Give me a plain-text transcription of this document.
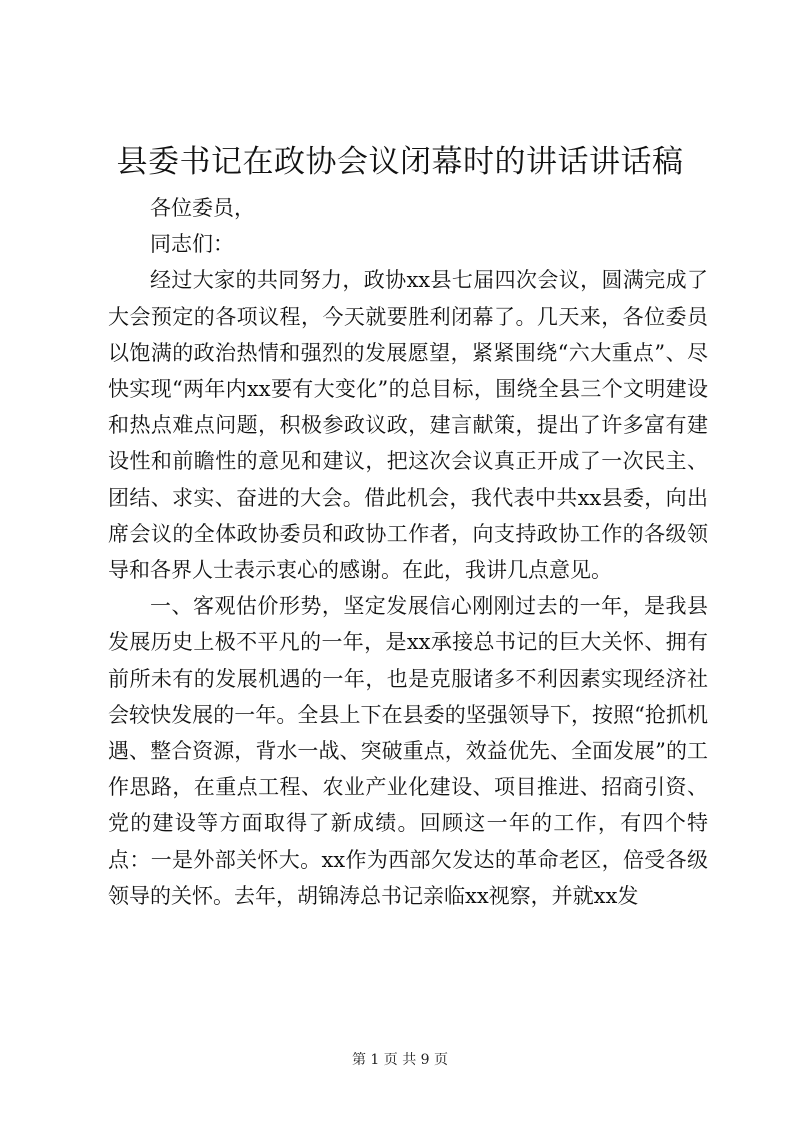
县委书记在政协会议闭幕时的讲话讲话稿

各位委员，

同志们：

经过大家的共同努力，政协xx县七届四次会议，圆满完成了大会预定的各项议程，今天就要胜利闭幕了。几天来，各位委员以饱满的政治热情和强烈的发展愿望，紧紧围绕“六大重点”、尽快实现“两年内xx要有大变化”的总目标，围绕全县三个文明建设和热点难点问题，积极参政议政，建言献策，提出了许多富有建设性和前瞻性的意见和建议，把这次会议真正开成了一次民主、团结、求实、奋进的大会。借此机会，我代表中共xx县委，向出席会议的全体政协委员和政协工作者，向支持政协工作的各级领导和各界人士表示衷心的感谢。在此，我讲几点意见。

一、客观估价形势，坚定发展信心刚刚过去的一年，是我县发展历史上极不平凡的一年，是xx承接总书记的巨大关怀、拥有前所未有的发展机遇的一年，也是克服诸多不利因素实现经济社会较快发展的一年。全县上下在县委的坚强领导下，按照“抢抓机遇、整合资源，背水一战、突破重点，效益优先、全面发展”的工作思路，在重点工程、农业产业化建设、项目推进、招商引资、党的建设等方面取得了新成绩。回顾这一年的工作，有四个特点：一是外部关怀大。xx作为西部欠发达的革命老区，倍受各级领导的关怀。去年，胡锦涛总书记亲临xx视察，并就xx发

第 1 页 共 9 页
